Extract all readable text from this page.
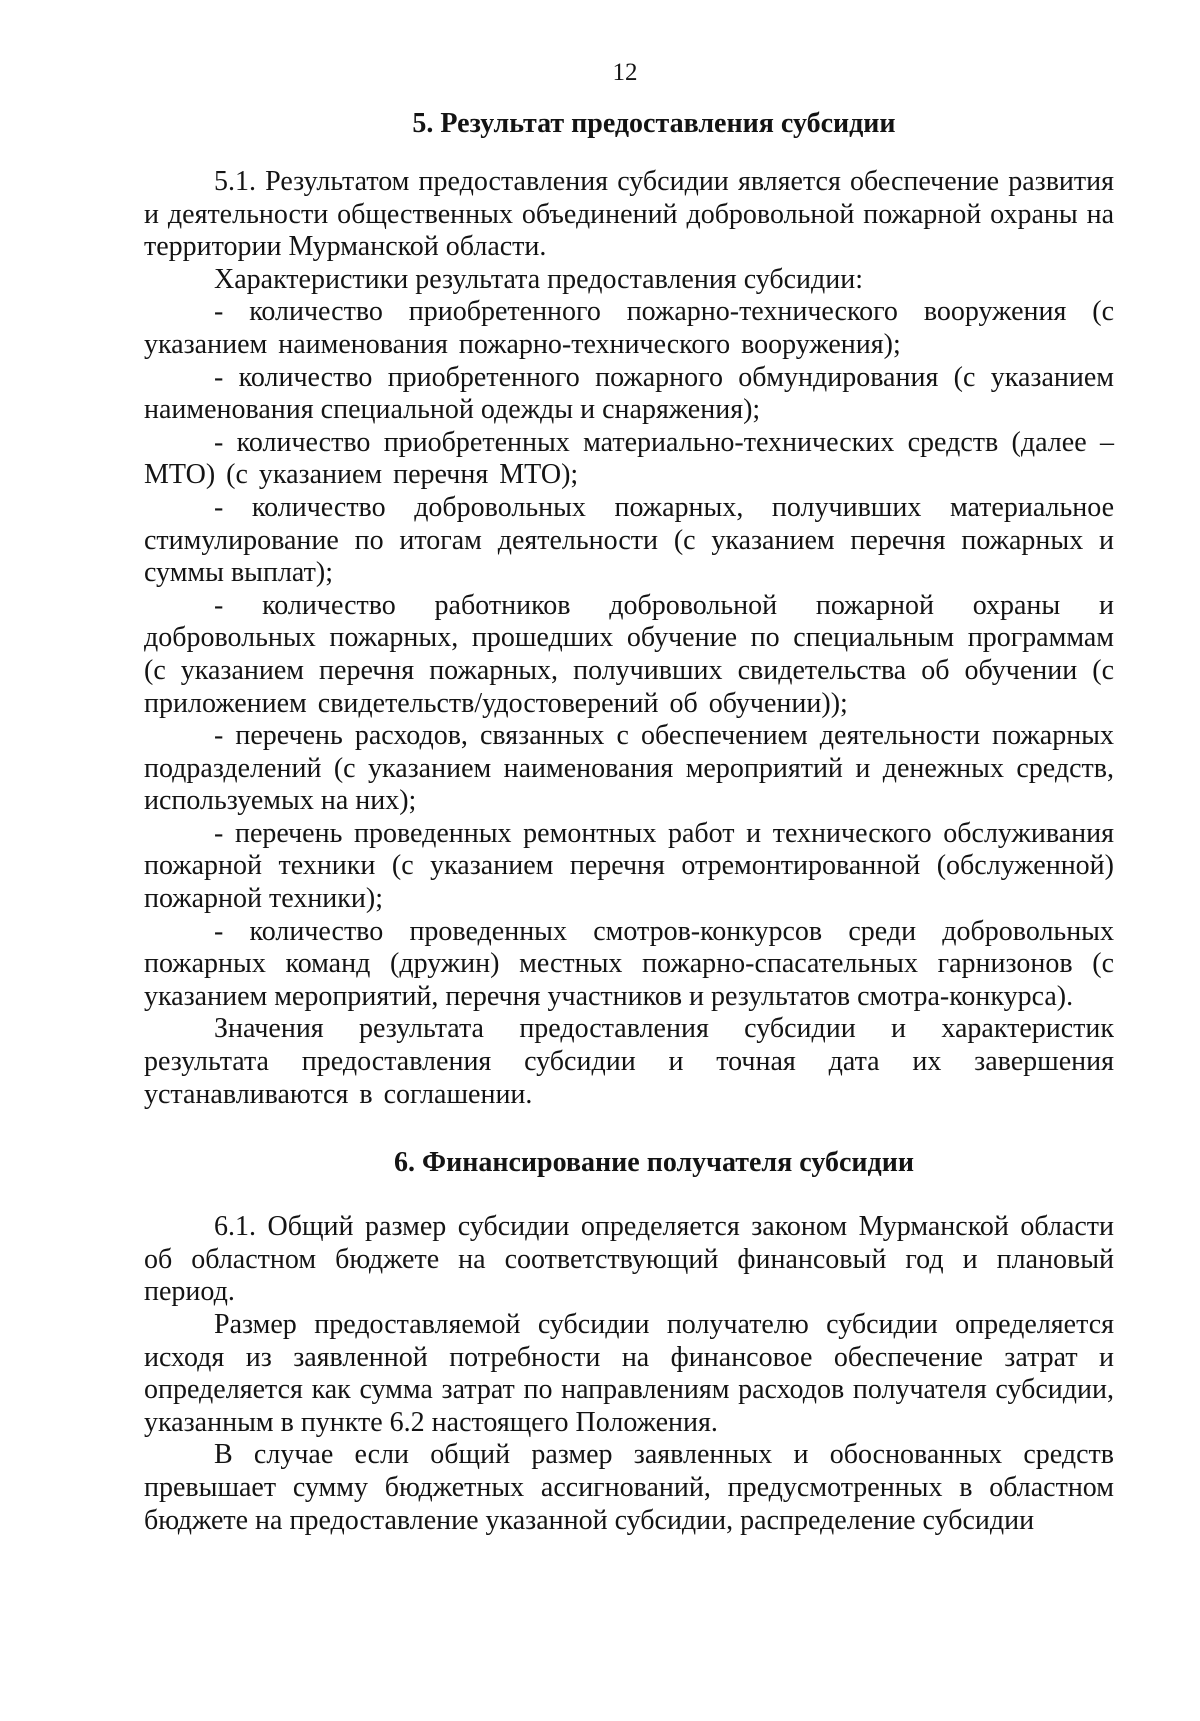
12
5. Результат предоставления субсидии

5.1. Результатом предоставления субсидии является обеспечение развития и деятельности общественных объединений добровольной пожарной охраны на территории Мурманской области.

Характеристики результата предоставления субсидии:

- количество приобретенного пожарно-технического вооружения (с указанием наименования пожарно-технического вооружения);

- количество приобретенного пожарного обмундирования (с указанием наименования специальной одежды и снаряжения);

- количество приобретенных материально-технических средств (далее – МТО) (с указанием перечня МТО);

- количество добровольных пожарных, получивших материальное стимулирование по итогам деятельности (с указанием перечня пожарных и суммы выплат);

- количество работников добровольной пожарной охраны и добровольных пожарных, прошедших обучение по специальным программам (с указанием перечня пожарных, получивших свидетельства об обучении (с приложением свидетельств/удостоверений об обучении));

- перечень расходов, связанных с обеспечением деятельности пожарных подразделений (с указанием наименования мероприятий и денежных средств, используемых на них);

- перечень проведенных ремонтных работ и технического обслуживания пожарной техники (с указанием перечня отремонтированной (обслуженной) пожарной техники);

- количество проведенных смотров-конкурсов среди добровольных пожарных команд (дружин) местных пожарно-спасательных гарнизонов (с указанием мероприятий, перечня участников и результатов смотра-конкурса).

Значения результата предоставления субсидии и характеристик результата предоставления субсидии и точная дата их завершения устанавливаются в соглашении.

6. Финансирование получателя субсидии

6.1. Общий размер субсидии определяется законом Мурманской области об областном бюджете на соответствующий финансовый год и плановый период.

Размер предоставляемой субсидии получателю субсидии определяется исходя из заявленной потребности на финансовое обеспечение затрат и определяется как сумма затрат по направлениям расходов получателя субсидии, указанным в пункте 6.2 настоящего Положения.

В случае если общий размер заявленных и обоснованных средств превышает сумму бюджетных ассигнований, предусмотренных в областном бюджете на предоставление указанной субсидии, распределение субсидии
